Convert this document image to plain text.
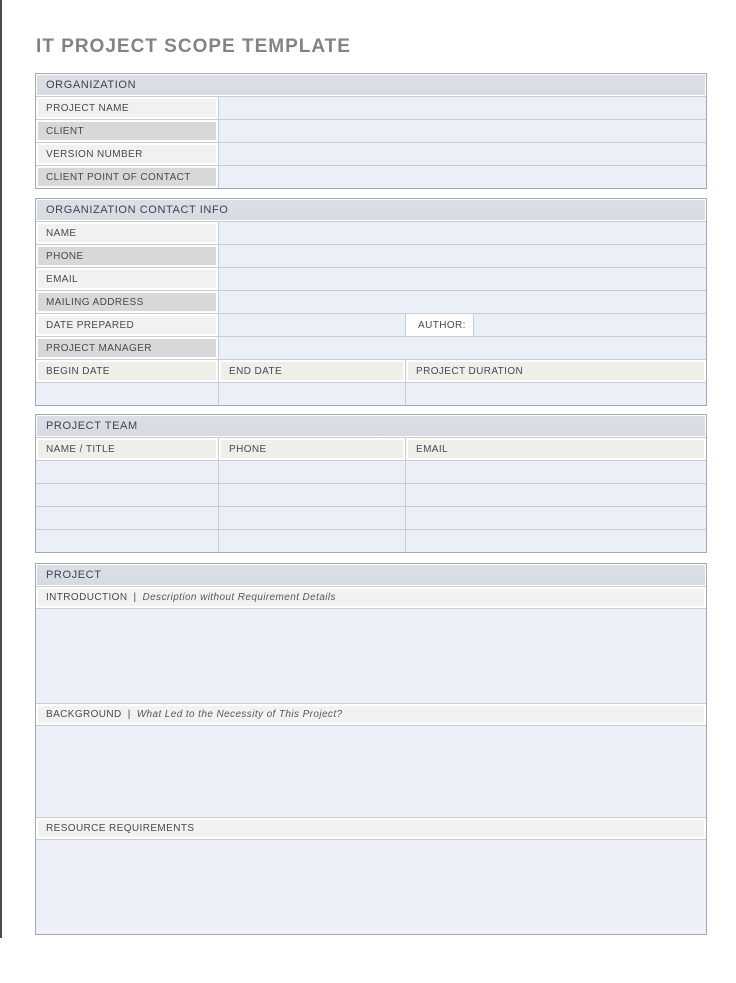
IT PROJECT SCOPE TEMPLATE
ORGANIZATION
PROJECT NAME
CLIENT
VERSION NUMBER
CLIENT POINT OF CONTACT
ORGANIZATION CONTACT INFO
NAME
PHONE
EMAIL
MAILING ADDRESS
DATE PREPARED	AUTHOR:
PROJECT MANAGER
BEGIN DATE	END DATE	PROJECT DURATION
PROJECT TEAM
NAME / TITLE	PHONE	EMAIL
PROJECT
INTRODUCTION | Description without Requirement Details
BACKGROUND | What Led to the Necessity of This Project?
RESOURCE REQUIREMENTS
